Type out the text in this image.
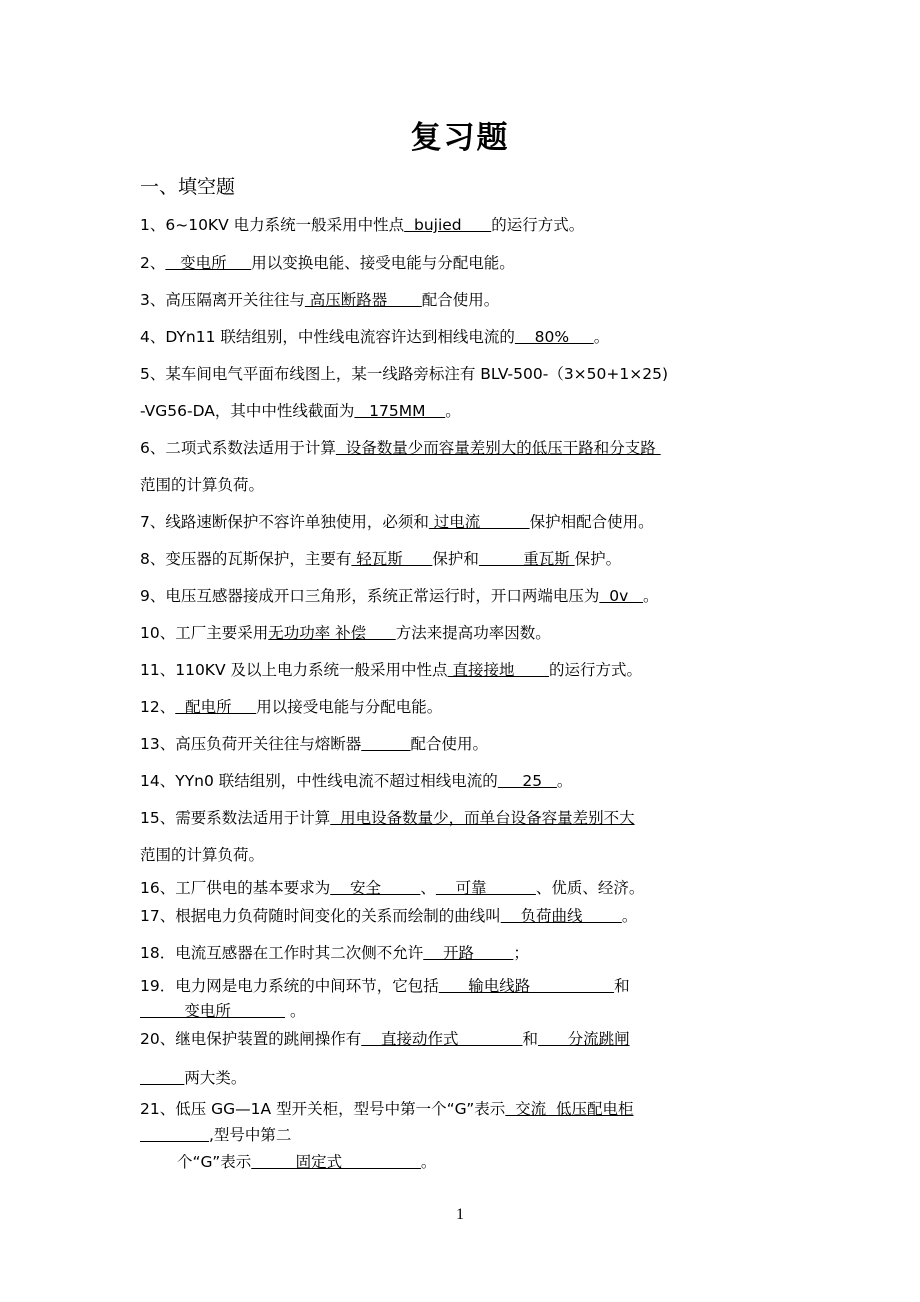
复习题
一、填空题
1、6~10KV 电力系统一般采用中性点  bujied      的运行方式。
2、   变电所     用以变换电能、接受电能与分配电能。
3、高压隔离开关往往与 高压断路器       配合使用。
4、DYn11 联结组别，中性线电流容许达到相线电流的    80%     。
5、某车间电气平面布线图上，某一线路旁标注有 BLV-500-（3×50+1×25)
-VG56-DA，其中中性线截面为   175MM    。
6、二项式系数法适用于计算  设备数量少而容量差别大的低压干路和分支路
范围的计算负荷。
7、线路速断保护不容许单独使用，必须和 过电流          保护相配合使用。
8、变压器的瓦斯保护，主要有 轻瓦斯      保护和         重瓦斯 保护。
9、电压互感器接成开口三角形，系统正常运行时，开口两端电压为  0v   。
10、工厂主要采用无功功率 补偿      方法来提高功率因数。
11、110KV 及以上电力系统一般采用中性点 直接接地       的运行方式。
12、  配电所     用以接受电能与分配电能。
13、高压负荷开关往往与熔断器	配合使用。
14、YYn0 联结组别，中性线电流不超过相线电流的     25   。
15、需要系数法适用于计算  用电设备数量少，而单台设备容量差别不大
范围的计算负荷。
16、工厂供电的基本要求为    安全        、    可靠          、优质、经济。
17、根据电力负荷随时间变化的关系而绘制的曲线叫    负荷曲线        。
18．电流互感器在工作时其二次侧不允许    开路        ；
19．电力网是电力系统的中间环节，它包括      输电线路                 和
变电所            。
20、继电保护装置的跳闸操作有    直接动作式             和      分流跳闸
两大类。
21、低压 GG—1A 型开关柜，型号中第一个“G”表示  交流  低压配电柜
,型号中第二
个“G”表示         固定式                。
1
